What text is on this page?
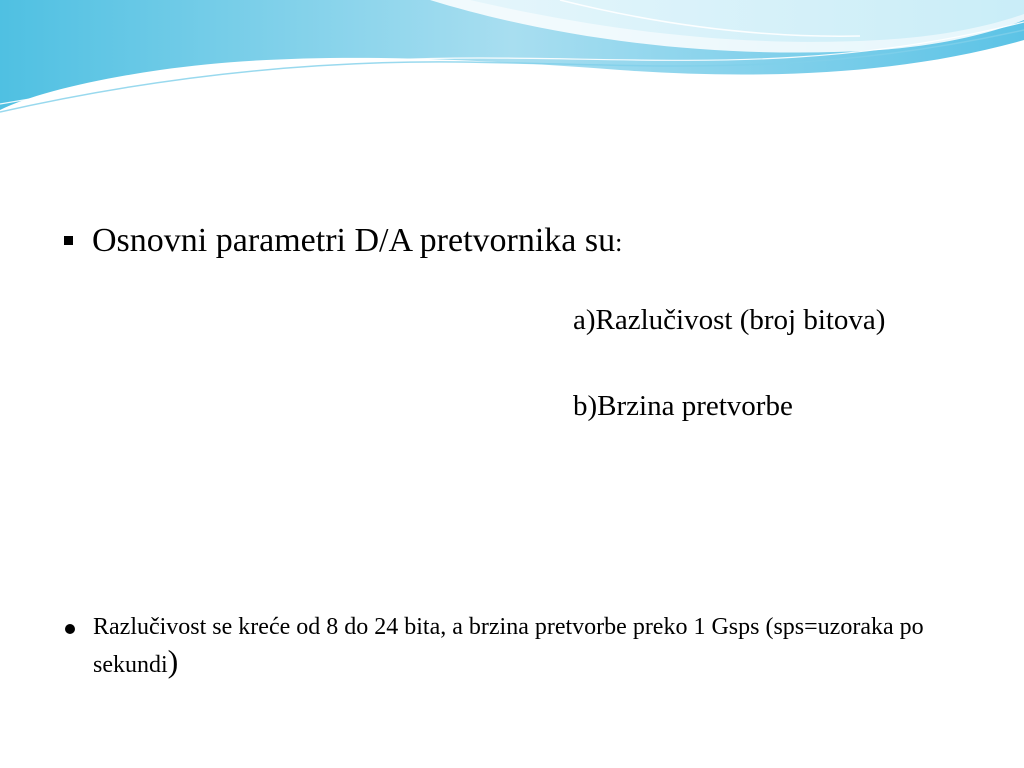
Osnovni parametri D/A pretvornika su:
a)Razlučivost (broj bitova)
b)Brzina pretvorbe
Razlučivost se kreće od 8 do 24 bita, a brzina pretvorbe preko 1 Gsps (sps=uzoraka po sekundi)
